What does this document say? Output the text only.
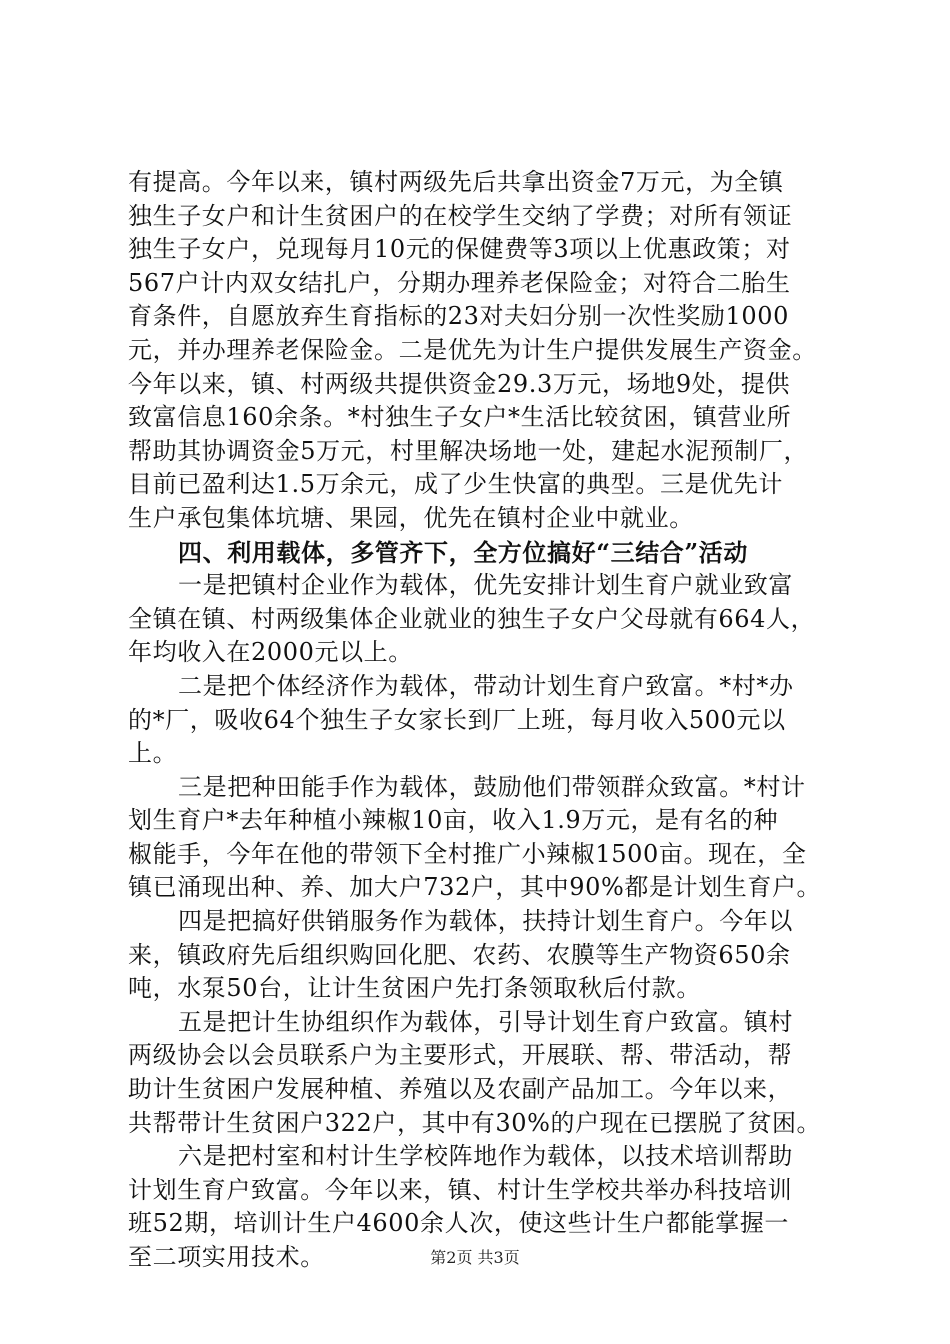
有提高。今年以来，镇村两级先后共拿出资金7万元，为全镇
独生子女户和计生贫困户的在校学生交纳了学费；对所有领证
独生子女户，兑现每月10元的保健费等3项以上优惠政策；对
567户计内双女结扎户，分期办理养老保险金；对符合二胎生
育条件，自愿放弃生育指标的23对夫妇分别一次性奖励1000
元，并办理养老保险金。二是优先为计生户提供发展生产资金。
今年以来，镇、村两级共提供资金29.3万元，场地9处，提供
致富信息160余条。*村独生子女户*生活比较贫困，镇营业所
帮助其协调资金5万元，村里解决场地一处，建起水泥预制厂，
目前已盈利达1.5万余元，成了少生快富的典型。三是优先计
生户承包集体坑塘、果园，优先在镇村企业中就业。
四、利用载体，多管齐下，全方位搞好“三结合”活动
一是把镇村企业作为载体，优先安排计划生育户就业致富
全镇在镇、村两级集体企业就业的独生子女户父母就有664人，
年均收入在2000元以上。
二是把个体经济作为载体，带动计划生育户致富。*村*办
的*厂，吸收64个独生子女家长到厂上班，每月收入500元以
上。
三是把种田能手作为载体，鼓励他们带领群众致富。*村计
划生育户*去年种植小辣椒10亩，收入1.9万元，是有名的种
椒能手，今年在他的带领下全村推广小辣椒1500亩。现在，全
镇已涌现出种、养、加大户732户，其中90%都是计划生育户。
四是把搞好供销服务作为载体，扶持计划生育户。今年以
来，镇政府先后组织购回化肥、农药、农膜等生产物资650余
吨，水泵50台，让计生贫困户先打条领取秋后付款。
五是把计生协组织作为载体，引导计划生育户致富。镇村
两级协会以会员联系户为主要形式，开展联、帮、带活动，帮
助计生贫困户发展种植、养殖以及农副产品加工。今年以来，
共帮带计生贫困户322户，其中有30%的户现在已摆脱了贫困。
六是把村室和村计生学校阵地作为载体，以技术培训帮助
计划生育户致富。今年以来，镇、村计生学校共举办科技培训
班52期，培训计生户4600余人次，使这些计生户都能掌握一
至二项实用技术。	第2页 共3页
